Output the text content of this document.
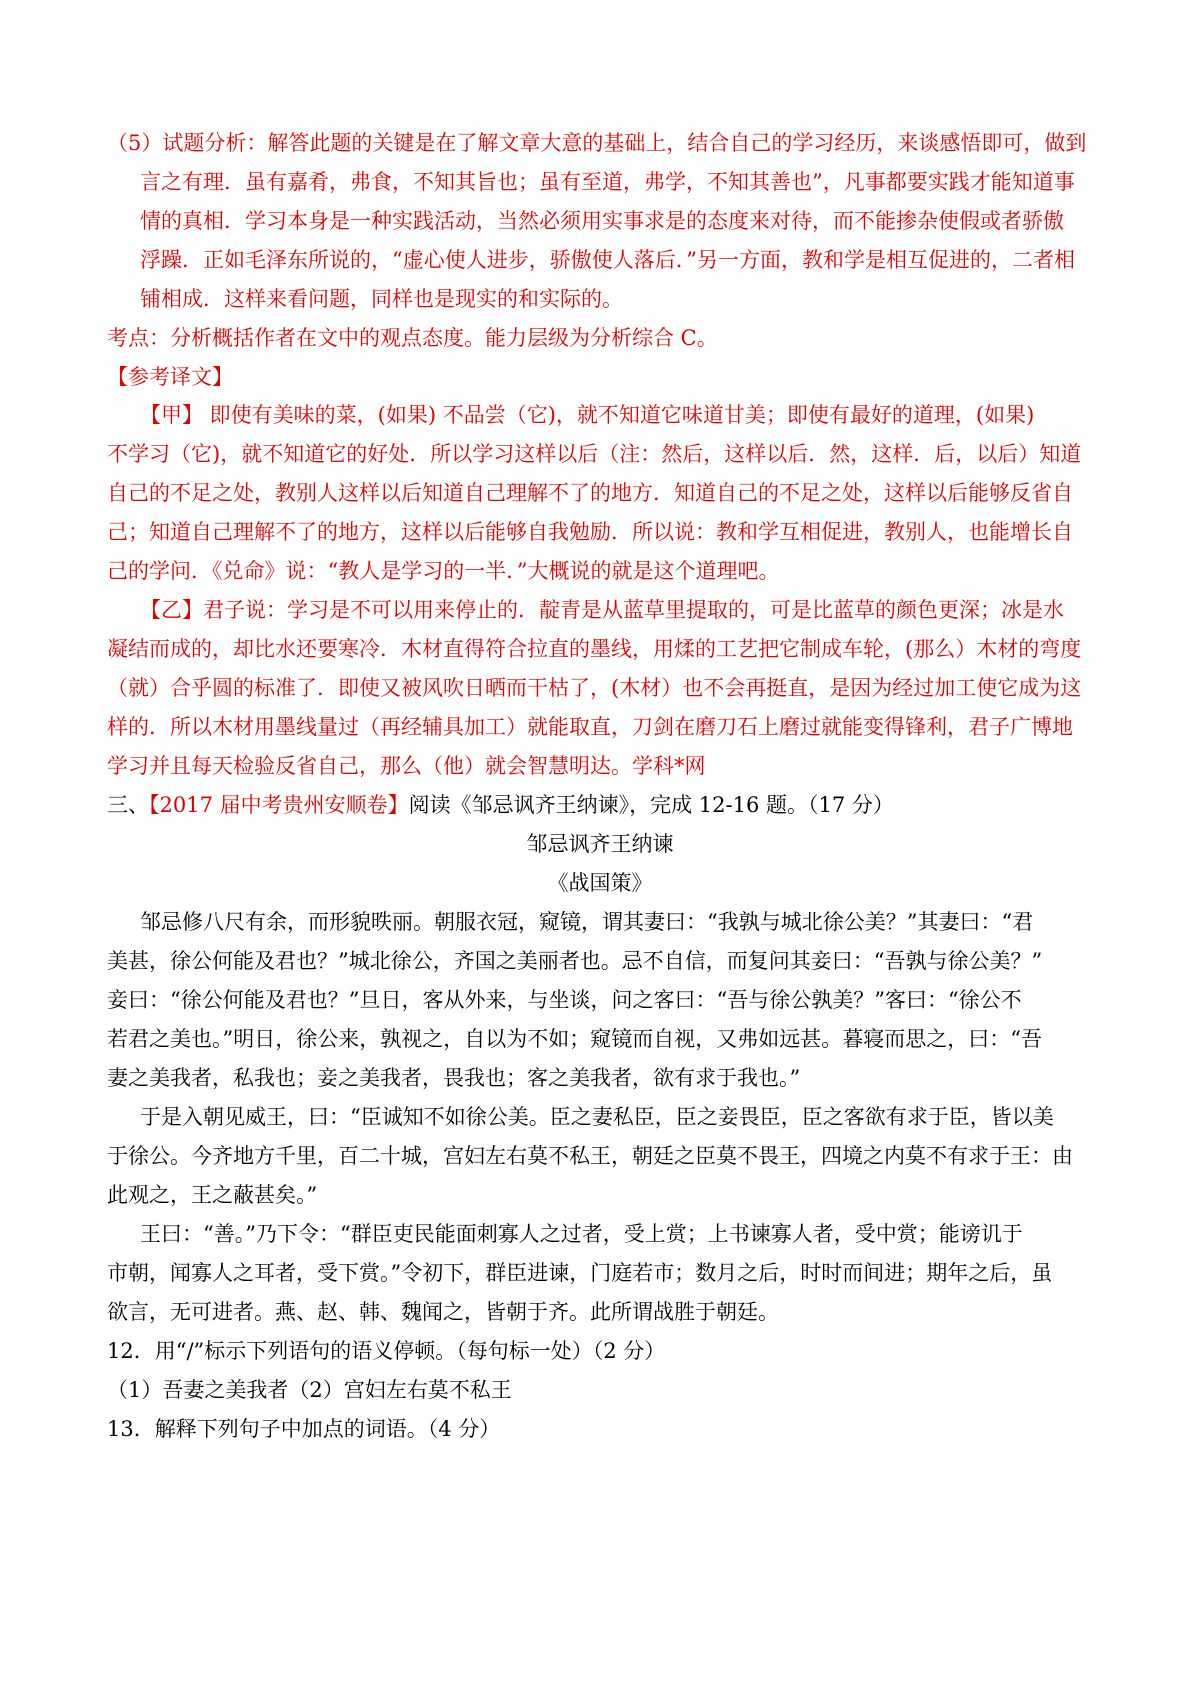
（5）试题分析：解答此题的关键是在了解文章大意的基础上，结合自己的学习经历，来谈感悟即可，做到
言之有理．虽有嘉肴，弗食，不知其旨也；虽有至道，弗学，不知其善也”，凡事都要实践才能知道事
情的真相．学习本身是一种实践活动，当然必须用实事求是的态度来对待，而不能掺杂使假或者骄傲
浮躁．正如毛泽东所说的，“虚心使人进步，骄傲使人落后．”另一方面，教和学是相互促进的，二者相
铺相成．这样来看问题，同样也是现实的和实际的。
考点：分析概括作者在文中的观点态度。能力层级为分析综合 C。
【参考译文】
【甲】 即使有美味的菜，(如果) 不品尝（它)，就不知道它味道甘美；即使有最好的道理，(如果)
不学习（它)，就不知道它的好处．所以学习这样以后（注：然后，这样以后．然，这样．后，以后）知道
自己的不足之处，教别人这样以后知道自己理解不了的地方．知道自己的不足之处，这样以后能够反省自
己；知道自己理解不了的地方，这样以后能够自我勉励．所以说：教和学互相促进，教别人，也能增长自
己的学问．《兑命》说：“教人是学习的一半．”大概说的就是这个道理吧。
【乙】君子说：学习是不可以用来停止的．靛青是从蓝草里提取的，可是比蓝草的颜色更深；冰是水
凝结而成的，却比水还要寒冷．木材直得符合拉直的墨线，用煣的工艺把它制成车轮，(那么）木材的弯度
（就）合乎圆的标准了．即使又被风吹日晒而干枯了，(木材）也不会再挺直，是因为经过加工使它成为这
样的．所以木材用墨线量过（再经辅具加工）就能取直，刀剑在磨刀石上磨过就能变得锋利，君子广博地
学习并且每天检验反省自己，那么（他）就会智慧明达。学科*网
三、【2017 届中考贵州安顺卷】阅读《邹忌讽齐王纳谏》，完成 12-16 题。（17 分）
邹忌讽齐王纳谏
《战国策》
邹忌修八尺有余，而形貌昳丽。朝服衣冠，窥镜，谓其妻曰：“我孰与城北徐公美？”其妻曰：“君
美甚，徐公何能及君也？”城北徐公，齐国之美丽者也。忌不自信，而复问其妾曰：“吾孰与徐公美？”
妾曰：“徐公何能及君也？”旦日，客从外来，与坐谈，问之客曰：“吾与徐公孰美？”客曰：“徐公不
若君之美也。”明日，徐公来，孰视之，自以为不如；窥镜而自视，又弗如远甚。暮寝而思之，曰：“吾
妻之美我者，私我也；妾之美我者，畏我也；客之美我者，欲有求于我也。”
于是入朝见威王，曰：“臣诚知不如徐公美。臣之妻私臣，臣之妾畏臣，臣之客欲有求于臣，皆以美
于徐公。今齐地方千里，百二十城，宫妇左右莫不私王，朝廷之臣莫不畏王，四境之内莫不有求于王：由
此观之，王之蔽甚矣。”
王曰：“善。”乃下令：“群臣吏民能面刺寡人之过者，受上赏；上书谏寡人者，受中赏；能谤讥于
市朝，闻寡人之耳者，受下赏。”令初下，群臣进谏，门庭若市；数月之后，时时而间进；期年之后，虽
欲言，无可进者。燕、赵、韩、魏闻之，皆朝于齐。此所谓战胜于朝廷。
12．用“/”标示下列语句的语义停顿。（每句标一处）（2 分）
（1）吾妻之美我者（2）宫妇左右莫不私王
13．解释下列句子中加点的词语。（4 分）
